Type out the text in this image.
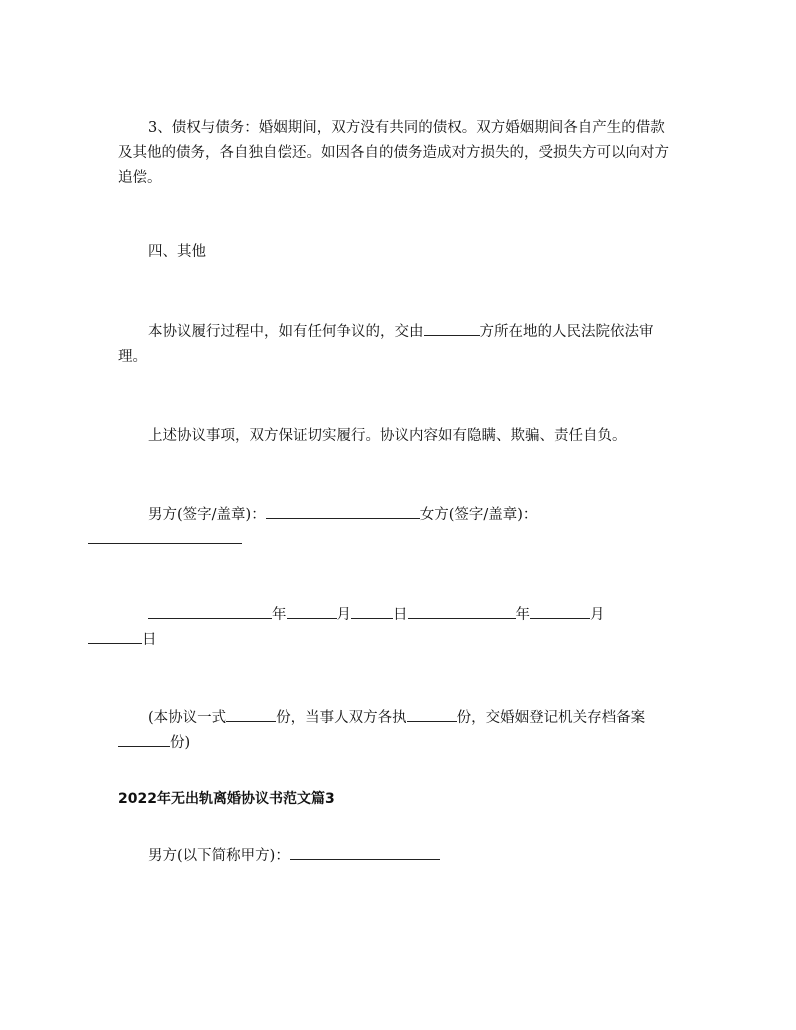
3、债权与债务：婚姻期间，双方没有共同的债权。双方婚姻期间各自产生的借款及其他的债务，各自独自偿还。如因各自的债务造成对方损失的，受损失方可以向对方追偿。

四、其他

本协议履行过程中，如有任何争议的，交由	方所在地的人民法院依法审理。

上述协议事项，双方保证切实履行。协议内容如有隐瞒、欺骗、责任自负。

男方(签字/盖章)：	女方(签字/盖章)：

年	月	日	年	月
日

(本协议一式	份，当事人双方各执	份，交婚姻登记机关存档备案份)

2022年无出轨离婚协议书范文篇3

男方(以下简称甲方)：
